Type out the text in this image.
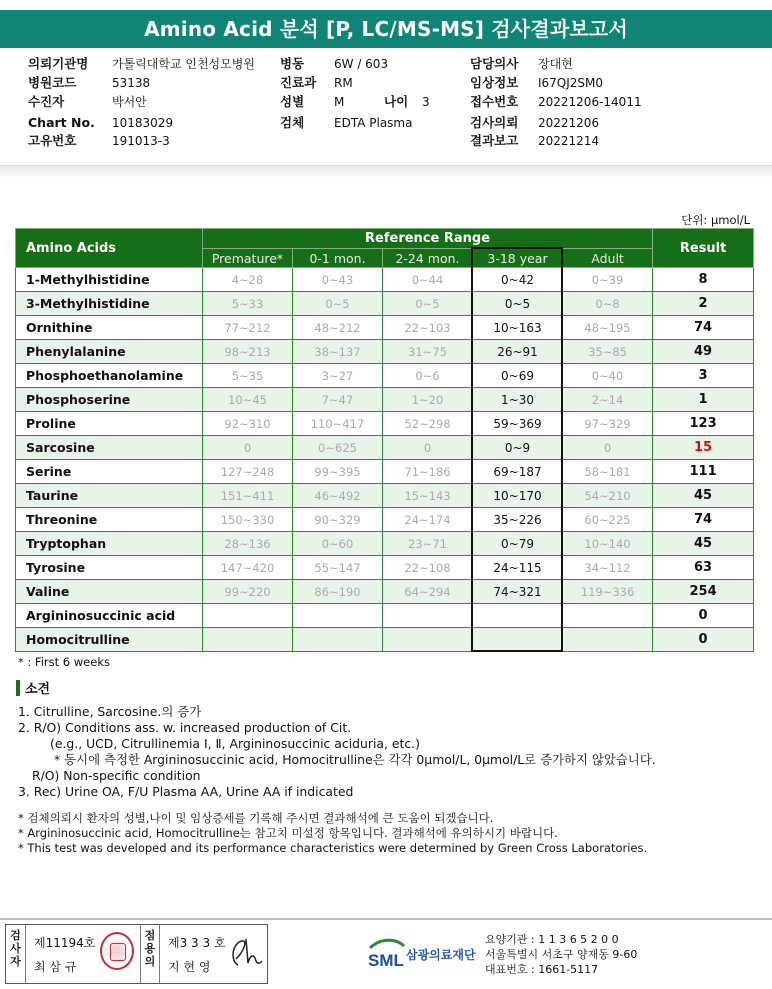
Amino Acid 분석 [P, LC/MS-MS] 검사결과보고서
의뢰기관명 가톨릭대학교 인천성모병원 병동 6W / 603	담당의사 장대현
병원코드	53138	진료과 RM	임상정보 I67QJ2SM0
수진자	박서안	성별 M	나이 3	접수번호 20221206-14011
Chart No. 10183029	검체 EDTA Plasma	검사의뢰 20221206
고유번호	191013-3	결과보고 20221214
단위: μmol/L
Amino Acids	Reference Range					Result
	Premature*	0-1 mon.	2-24 mon.	3-18 year	Adult	
1-Methylhistidine	4~28	0~43	0~44	0~42	0~39	8
3-Methylhistidine	5~33	0~5	0~5	0~5	0~8	2
Ornithine	77~212	48~212	22~103	10~163	48~195	74
Phenylalanine	98~213	38~137	31~75	26~91	35~85	49
Phosphoethanolamine	5~35	3~27	0~6	0~69	0~40	3
Phosphoserine	10~45	7~47	1~20	1~30	2~14	1
Proline	92~310	110~417	52~298	59~369	97~329	123
Sarcosine	0	0~625	0	0~9	0	15
Serine	127~248	99~395	71~186	69~187	58~181	111
Taurine	151~411	46~492	15~143	10~170	54~210	45
Threonine	150~330	90~329	24~174	35~226	60~225	74
Tryptophan	28~136	0~60	23~71	0~79	10~140	45
Tyrosine	147~420	55~147	22~108	24~115	34~112	63
Valine	99~220	86~190	64~294	74~321	119~336	254
Argininosuccinic acid						0
Homocitrulline						0
* : First 6 weeks
소견
1. Citrulline, Sarcosine.의 증가
2. R/O) Conditions ass. w. increased production of Cit.
(e.g., UCD, Citrullinemia Ⅰ, Ⅱ, Argininosuccinic aciduria, etc.)
* 동시에 측정한 Argininosuccinic acid, Homocitrulline은 각각 0μmol/L, 0μmol/L로 증가하지 않았습니다.
R/O) Non-specific condition
3. Rec) Urine OA, F/U Plasma AA, Urine AA if indicated
* 검체의뢰시 환자의 성별,나이 및 임상증세를 기록해 주시면 결과해석에 큰 도움이 되겠습니다.
* Argininosuccinic acid, Homocitrulline는 참고치 미설정 항목입니다. 결과해석에 유의하시기 바랍니다.
* This test was developed and its performance characteristics were determined by Green Cross Laboratories.
검사자
제11194호
최 삼 규
점용의
제3 3 3 호
지 현 영	SML 삼광의료재단
요양기관 : 1 1 3 6 5 2 0 0
서울특별시 서초구 양재동 9-60
대표번호 : 1661-5117
